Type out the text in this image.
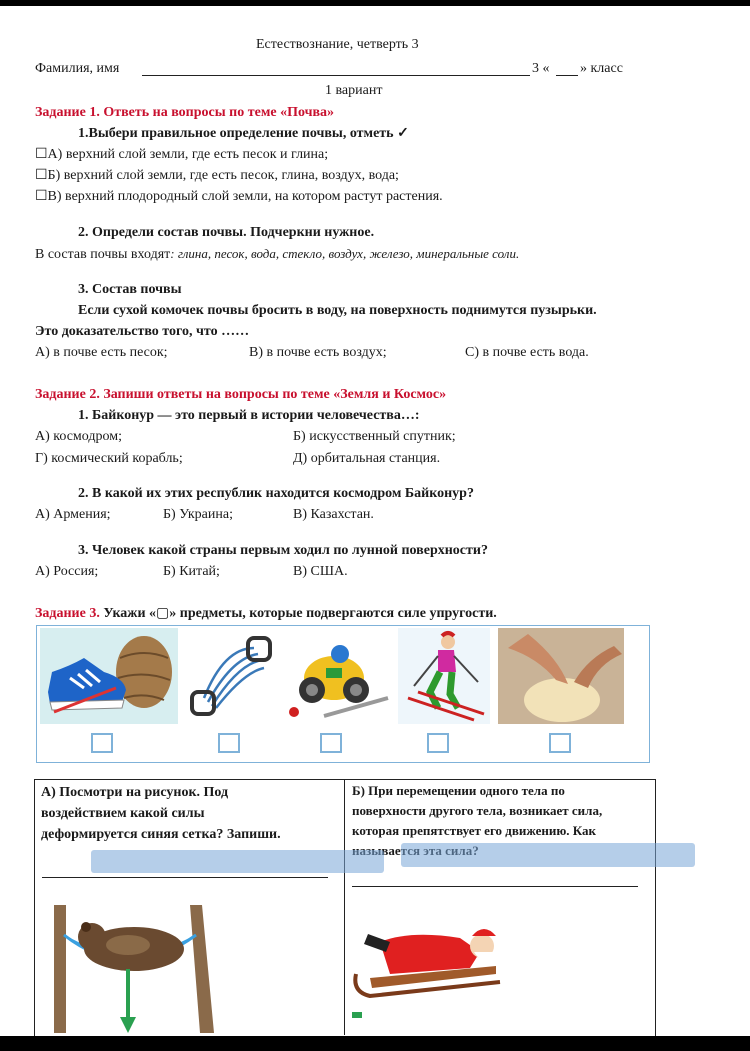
Естествознание, четверть 3
Фамилия, имя	3 « » класс
1 вариант
Задание 1. Ответь на вопросы по теме «Почва»
1.Выбери правильное определение почвы, отметь ✓
☐А) верхний слой земли, где есть песок и глина;
☐Б) верхний слой земли, где есть песок, глина, воздух, вода;
☐В) верхний плодородный слой земли, на котором растут растения.
2. Определи состав почвы. Подчеркни нужное.
В состав почвы входят: глина, песок, вода, стекло, воздух, железо, минеральные соли.
3. Состав почвы
Если сухой комочек почвы бросить в воду, на поверхность поднимутся пузырьки.
Это доказательство того, что ……
А) в почве есть песок;	В) в почве есть воздух;	С) в почве есть вода.
Задание 2. Запиши ответы на вопросы по теме «Земля и Космос»
1. Байконур — это первый в истории человечества…:
А) космодром;	Б) искусственный спутник;
Г) космический корабль;	Д) орбитальная станция.
2. В какой их этих республик находится космодром Байконур?
А) Армения;	Б) Украина;	В) Казахстан.
3. Человек какой страны первым ходил по лунной поверхности?
А) Россия;	Б) Китай;	В) США.
Задание 3. Укажи «▢» предметы, которые подвергаются силе упругости.
А) Посмотри на рисунок. Под
воздействием какой силы
деформируется синяя сетка? Запиши.
Б) При перемещении одного тела по
поверхности другого тела, возникает сила,
которая препятствует его движению. Как
называется
